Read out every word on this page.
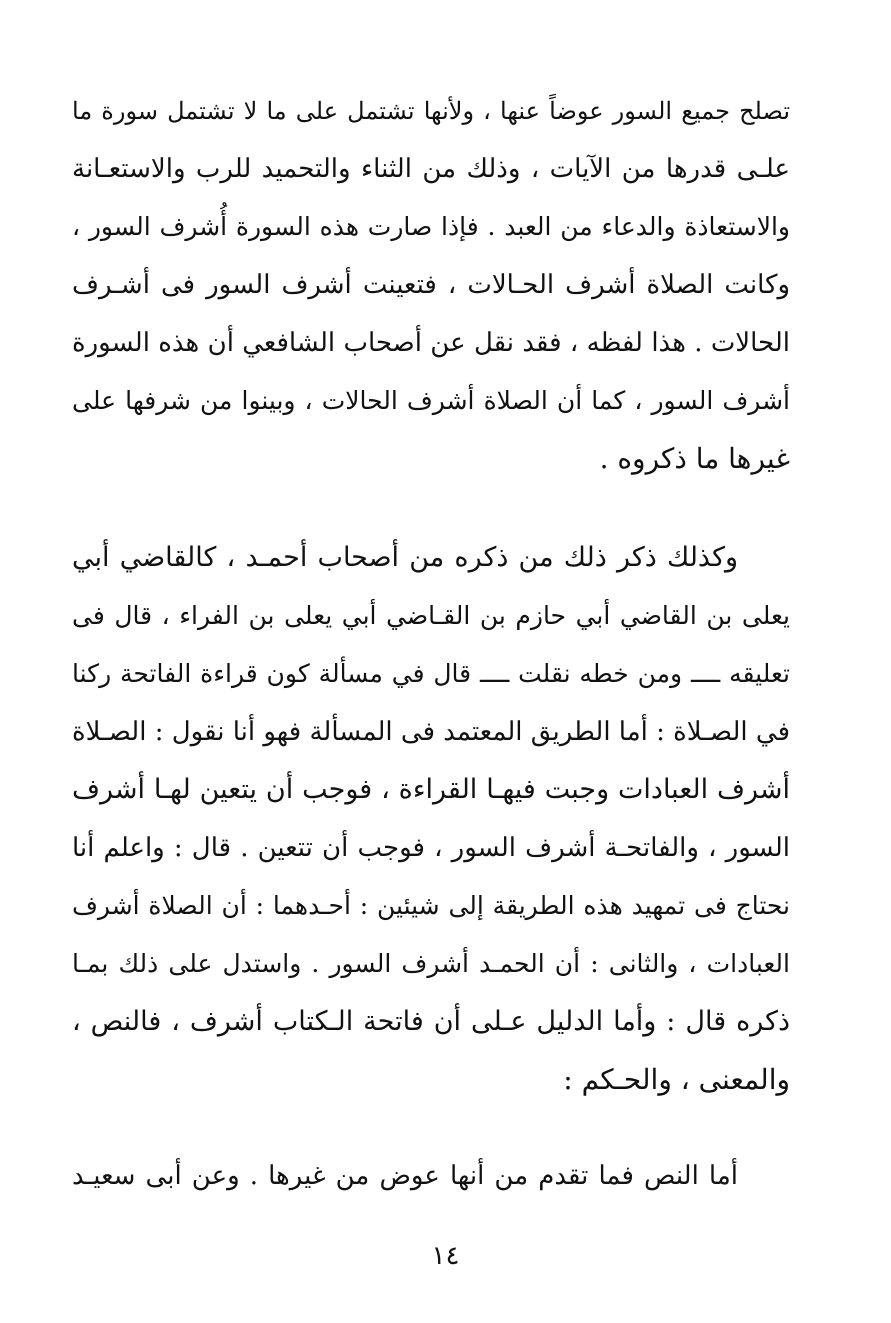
تصلح جميع السور عوضاً عنها ، ولأنها تشتمل على ما لا تشتمل سورة ما
علـى قدرها من الآيات ، وذلك من الثناء والتحميد للرب والاستعـانة
والاستعاذة والدعاء من العبد . فإذا صارت هذه السورة أُشرف السور ،
وكانت الصلاة أشرف الحـالات ، فتعينت أشرف السور فى أشـرف
الحالات . هذا لفظه ، فقد نقل عن أصحاب الشافعي أن هذه السورة
أشرف السور ، كما أن الصلاة أشرف الحالات ، وبينوا من شرفها على
غيرها ما ذكروه .
وكذلك ذكر ذلك من ذكره من أصحاب أحمـد ، كالقاضي أبي
يعلى بن القاضي أبي حازم بن القـاضي أبي يعلى بن الفراء ، قال فى
تعليقه ــــ ومن خطه نقلت ــــ قال في مسألة كون قراءة الفاتحة ركنا
في الصـلاة : أما الطريق المعتمد فى المسألة فهو أنا نقول : الصـلاة
أشرف العبادات وجبت فيهـا القراءة ، فوجب أن يتعين لهـا أشرف
السور ، والفاتحـة أشرف السور ، فوجب أن تتعين . قال : واعلم أنا
نحتاج فى تمهيد هذه الطريقة إلى شيئين : أحـدهما : أن الصلاة أشرف
العبادات ، والثانى : أن الحمـد أشرف السور . واستدل على ذلك بمـا
ذكره قال : وأما الدليل عـلى أن فاتحة الـكتاب أشرف ، فالنص ،
والمعنى ، والحـكم :
أما النص فما تقدم من أنها عوض من غيرها . وعن أبى سعيـد
١٤
